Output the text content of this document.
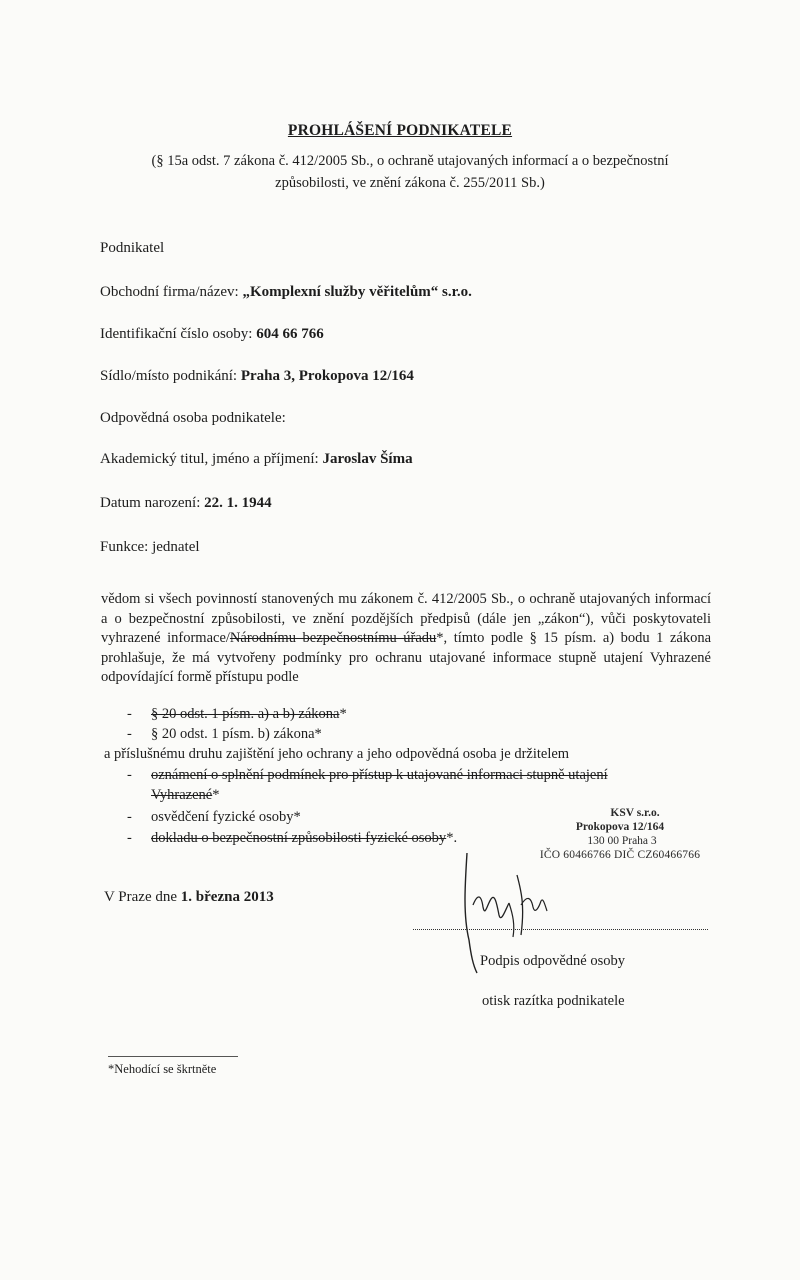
PROHLÁŠENÍ PODNIKATELE
(§ 15a odst. 7 zákona č. 412/2005 Sb., o ochraně utajovaných informací a o bezpečnostní
způsobilosti, ve znění zákona č. 255/2011 Sb.)
Podnikatel
Obchodní firma/název: „Komplexní služby věřitelům“ s.r.o.
Identifikační číslo osoby: 604 66 766
Sídlo/místo podnikání: Praha 3, Prokopova 12/164
Odpovědná osoba podnikatele:
Akademický titul, jméno a příjmení: Jaroslav Šíma
Datum narození: 22. 1. 1944
Funkce: jednatel
vědom si všech povinností stanovených mu zákonem č. 412/2005 Sb., o ochraně utajovaných informací a o bezpečnostní způsobilosti, ve znění pozdějších předpisů (dále jen „zákon“), vůči poskytovateli vyhrazené informace/Národnímu bezpečnostnímu úřadu*, tímto podle § 15 písm. a) bodu 1 zákona prohlašuje, že má vytvořeny podmínky pro ochranu utajované informace stupně utajení Vyhrazené odpovídající formě přístupu podle
- § 20 odst. 1 písm. a) a b) zákona*
- § 20 odst. 1 písm. b) zákona*
a příslušnému druhu zajištění jeho ochrany a jeho odpovědná osoba je držitelem
- oznámení o splnění podmínek pro přístup k utajované informaci stupně utajení
Vyhrazené*
- osvědčení fyzické osoby*
- dokladu o bezpečnostní způsobilosti fyzické osoby*.
KSV s.r.o.
Prokopova 12/164
130 00 Praha 3
IČO 60466766 DIČ CZ60466766
V Praze dne 1. března 2013
Podpis odpovědné osoby
otisk razítka podnikatele
*Nehodící se škrtněte
